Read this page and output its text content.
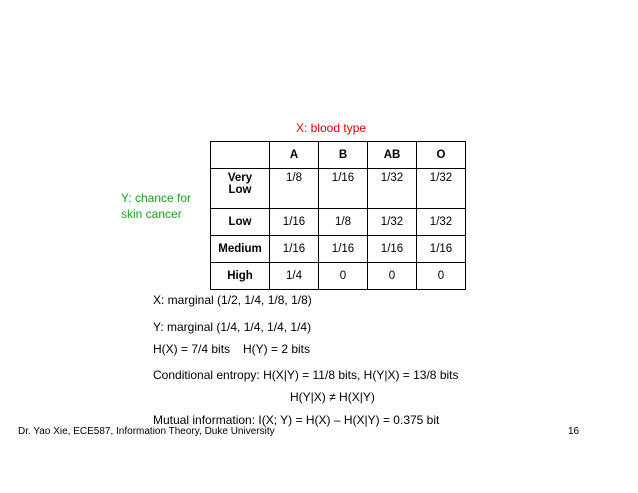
X: blood type
Y: chance for
skin cancer
	A	B	AB	O

Very
Low	1/8	1/16	1/32	1/32
Low	1/16	1/8	1/32	1/32
Medium	1/16	1/16	1/16	1/16
High	1/4	0	0	0
X: marginal (1/2, 1/4, 1/8, 1/8)
Y: marginal (1/4, 1/4, 1/4, 1/4)
H(X) = 7/4 bits H(Y) = 2 bits
Conditional entropy: H(X|Y) = 11/8 bits, H(Y|X) = 13/8 bits
H(Y|X) ≠ H(X|Y)
Mutual information: I(X; Y) = H(X) – H(X|Y) = 0.375 bit
Dr. Yao Xie, ECE587, Information Theory, Duke University	16
